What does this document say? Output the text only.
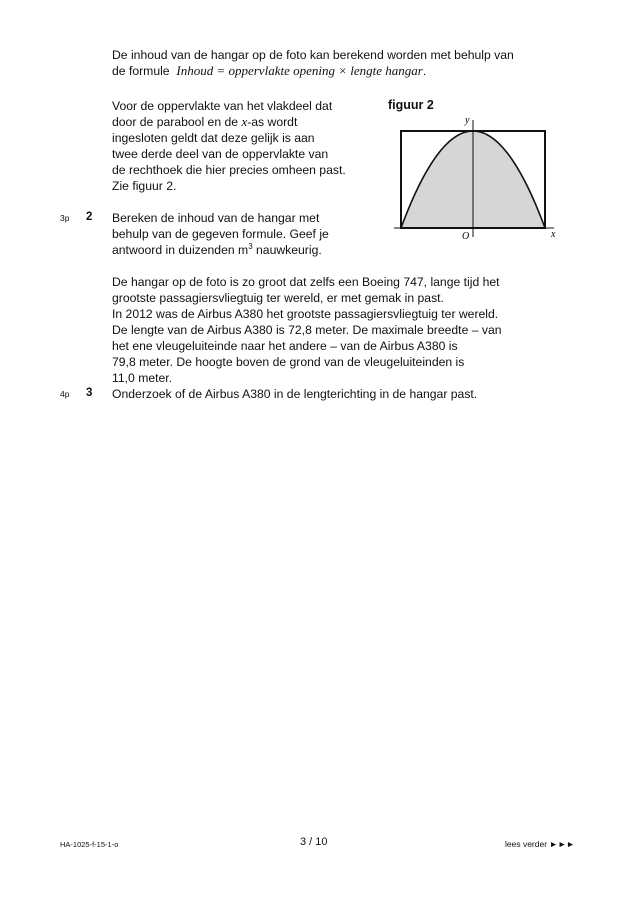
De inhoud van de hangar op de foto kan berekend worden met behulp van
de formule Inhoud = oppervlakte opening × lengte hangar.

Voor de oppervlakte van het vlakdeel dat
door de parabool en de x-as wordt
ingesloten geldt dat deze gelijk is aan
twee derde deel van de oppervlakte van
de rechthoek die hier precies omheen past.
Zie figuur 2.

figuur 2

y
x
O
3p 2 Bereken de inhoud van de hangar met
behulp van de gegeven formule. Geef je
antwoord in duizenden $m^3$ nauwkeurig.

De hangar op de foto is zo groot dat zelfs een Boeing 747, lange tijd het
grootste passagiersvliegtuig ter wereld, er met gemak in past.
In 2012 was de Airbus A380 het grootste passagiersvliegtuig ter wereld.
De lengte van de Airbus A380 is 72,8 meter. De maximale breedte – van
het ene vleugeluiteinde naar het andere – van de Airbus A380 is
79,8 meter. De hoogte boven de grond van de vleugeluiteinden is
11,0 meter.

4p 3 Onderzoek of de Airbus A380 in de lengterichting in de hangar past.

HA-1025-f-15-1-o	3 / 10	lees verder ►►►
